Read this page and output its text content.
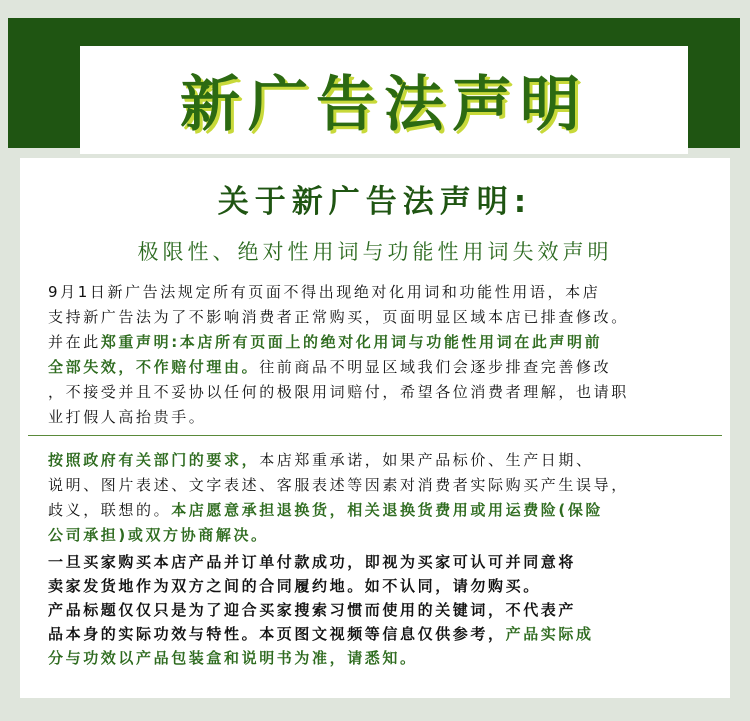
新广告法声明
关于新广告法声明:
极限性、绝对性用词与功能性用词失效声明
9月1日新广告法规定所有页面不得出现绝对化用词和功能性用语，本店
支持新广告法为了不影响消费者正常购买，页面明显区域本店已排查修改。
并在此郑重声明:本店所有页面上的绝对化用词与功能性用词在此声明前
全部失效，不作赔付理由。往前商品不明显区域我们会逐步排查完善修改
，不接受并且不妥协以任何的极限用词赔付，希望各位消费者理解，也请职
业打假人高抬贵手。
按照政府有关部门的要求，本店郑重承诺，如果产品标价、生产日期、
说明、图片表述、文字表述、客服表述等因素对消费者实际购买产生误导，
歧义，联想的。本店愿意承担退换货，相关退换货费用或用运费险(保险
公司承担)或双方协商解决。
一旦买家购买本店产品并订单付款成功，即视为买家可认可并同意将
卖家发货地作为双方之间的合同履约地。如不认同，请勿购买。
产品标题仅仅只是为了迎合买家搜索习惯而使用的关键词，不代表产
品本身的实际功效与特性。本页图文视频等信息仅供参考，产品实际成
分与功效以产品包装盒和说明书为准，请悉知。
